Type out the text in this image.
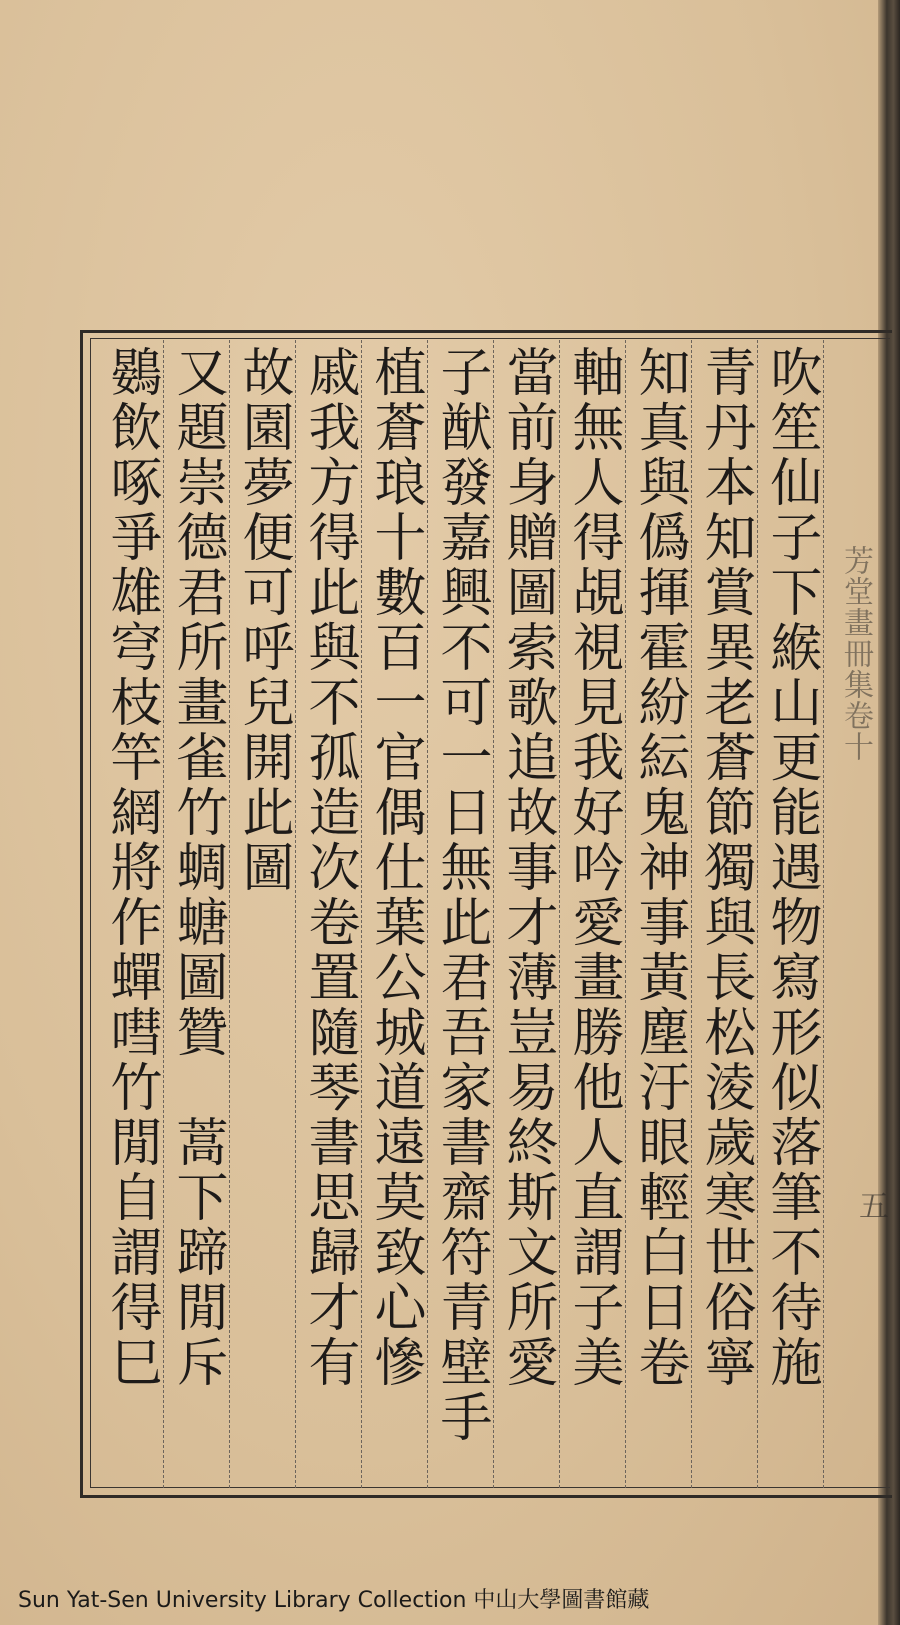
芳堂畫冊集卷十
五
吹笙仙子下緱山更能遇物寫形似落筆不待施
青丹本知賞異老蒼節獨與長松淩歲寒世俗寧
知真與僞揮霍紛紜鬼神事黃塵汙眼輕白日卷
軸無人得覘視見我好吟愛畫勝他人直謂子美
當前身贈圖索歌追故事才薄豈易終斯文所愛
子猷發嘉興不可一日無此君吾家書齋符青壁手
植蒼琅十數百一官偶仕葉公城道遠莫致心慘
戚我方得此與不孤造次卷置隨琴書思歸才有
故園夢便可呼兒開此圖
又題崇德君所畫雀竹蜩螗圖贊　蒿下蹄閒斥
鷃飲啄爭雄穹枝竿網將作蟬嘒竹閒自謂得巳
Sun Yat-Sen University Library Collection 中山大學圖書館藏
